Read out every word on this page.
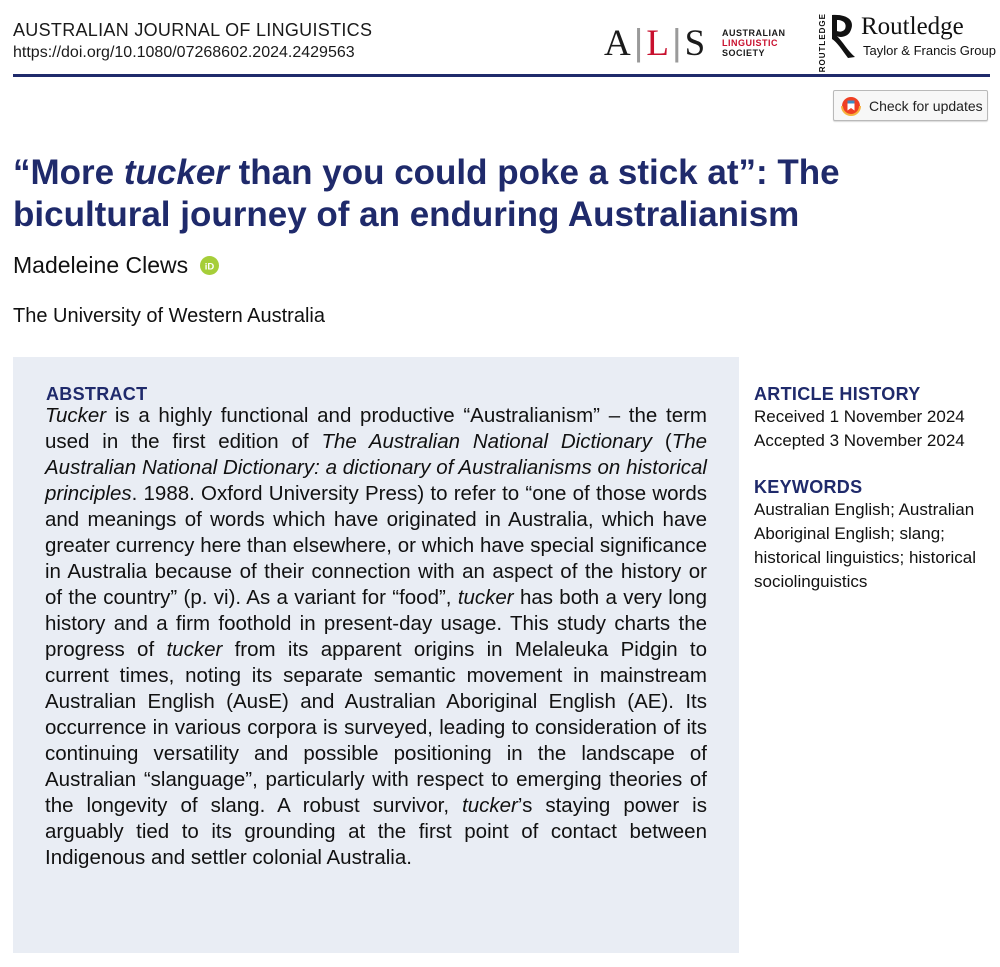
AUSTRALIAN JOURNAL OF LINGUISTICS
https://doi.org/10.1080/07268602.2024.2429563	A|L|S AUSTRALIAN
LINGUISTIC
SOCIETY	ROUTLEDGE Routledge
Taylor & Francis Group
Check for updates
“More tucker than you could poke a stick at”: The bicultural journey of an enduring Australianism
Madeleine Clews iD
The University of Western Australia
ABSTRACT

Tucker is a highly functional and productive “Australianism” – the term used in the first edition of The Australian National Dictionary (The Australian National Dictionary: a dictionary of Australianisms on historical principles. 1988. Oxford University Press) to refer to “one of those words and meanings of words which have originated in Australia, which have greater currency here than elsewhere, or which have special significance in Australia because of their connection with an aspect of the history or of the country” (p. vi). As a variant for “food”, tucker has both a very long history and a firm foothold in present-day usage. This study charts the progress of tucker from its apparent origins in Melaleuka Pidgin to current times, noting its separate semantic movement in mainstream Australian English (AusE) and Australian Aboriginal English (AE). Its occurrence in various corpora is surveyed, leading to consideration of its continuing versatility and possible positioning in the landscape of Australian “slanguage”, particularly with respect to emerging theories of the longevity of slang. A robust survivor, tucker’s staying power is arguably tied to its grounding at the first point of contact between Indigenous and settler colonial Australia.

ARTICLE HISTORY

Received 1 November 2024

Accepted 3 November 2024

KEYWORDS

Australian English; Australian Aboriginal English; slang; historical linguistics; historical sociolinguistics
